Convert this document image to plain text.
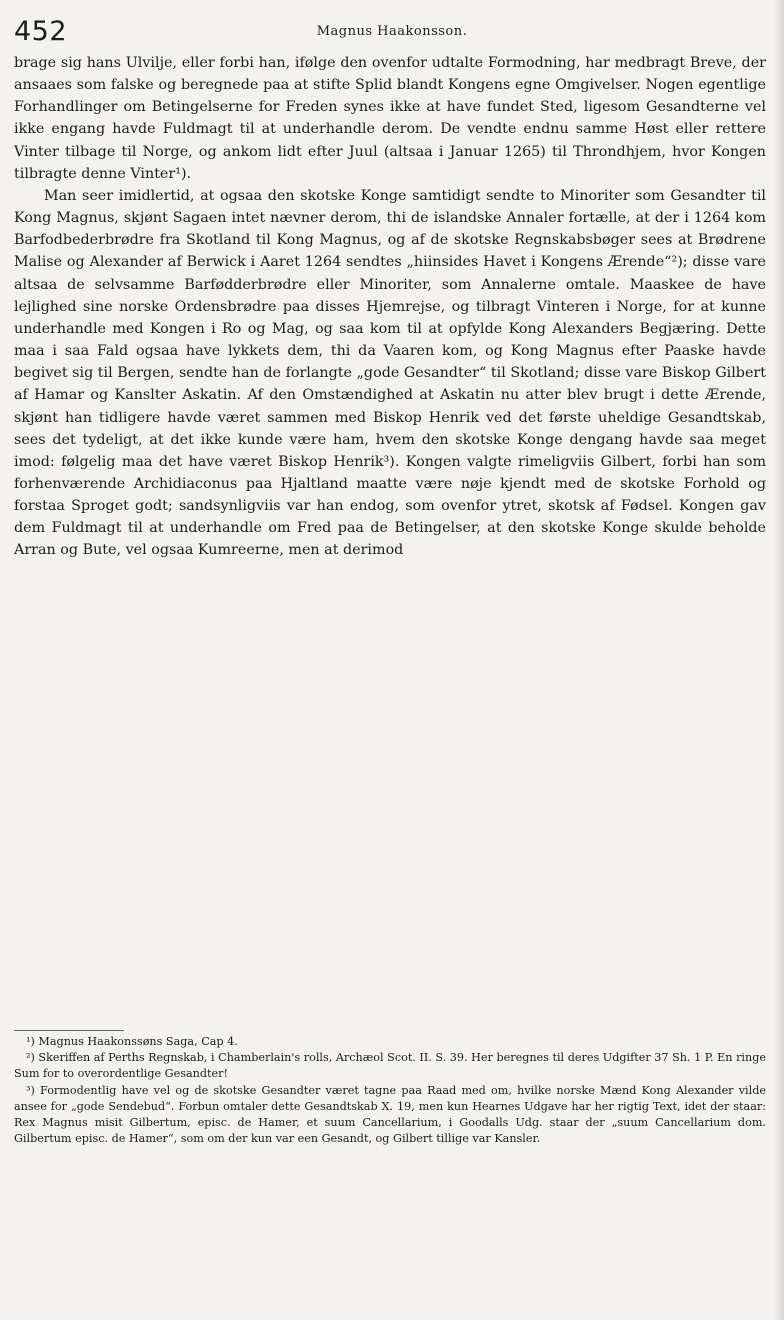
452	Magnus Haakonsson.

brage sig hans Ulvilje, eller forbi han, ifølge den ovenfor udtalte Formodning, har medbragt Breve, der ansaaes som falske og beregnede paa at stifte Splid blandt Kongens egne Omgivelser. Nogen egentlige Forhandlinger om Betingelserne for Freden synes ikke at have fundet Sted, ligesom Gesandterne vel ikke engang havde Fuldmagt til at underhandle derom. De vendte endnu samme Høst eller rettere Vinter tilbage til Norge, og ankom lidt efter Juul (altsaa i Januar 1265) til Throndhjem, hvor Kongen tilbragte denne Vinter¹).

Man seer imidlertid, at ogsaa den skotske Konge samtidigt sendte to Minoriter som Gesandter til Kong Magnus, skjønt Sagaen intet nævner derom, thi de islandske Annaler fortælle, at der i 1264 kom Barfodbederbrødre fra Skotland til Kong Magnus, og af de skotske Regnskabsbøger sees at Brødrene Malise og Alexander af Berwick i Aaret 1264 sendtes „hiinsides Havet i Kongens Ærende“²); disse vare altsaa de selvsamme Barfødderbrødre eller Minoriter, som Annalerne omtale. Maaskee de have lejlighed sine norske Ordensbrødre paa disses Hjemrejse, og tilbragt Vinteren i Norge, for at kunne underhandle med Kongen i Ro og Mag, og saa kom til at opfylde Kong Alexanders Begjæring. Dette maa i saa Fald ogsaa have lykkets dem, thi da Vaaren kom, og Kong Magnus efter Paaske havde begivet sig til Bergen, sendte han de forlangte „gode Gesandter“ til Skotland; disse vare Biskop Gilbert af Hamar og Kanslter Askatin. Af den Omstændighed at Askatin nu atter blev brugt i dette Ærende, skjønt han tidligere havde været sammen med Biskop Henrik ved det første uheldige Gesandtskab, sees det tydeligt, at det ikke kunde være ham, hvem den skotske Konge dengang havde saa meget imod: følgelig maa det have været Biskop Henrik³). Kongen valgte rimeligviis Gilbert, forbi han som forhenværende Archidiaconus paa Hjaltland maatte være nøje kjendt med de skotske Forhold og forstaa Sproget godt; sandsynligviis var han endog, som ovenfor ytret, skotsk af Fødsel. Kongen gav dem Fuldmagt til at underhandle om Fred paa de Betingelser, at den skotske Konge skulde beholde Arran og Bute, vel ogsaa Kumreerne, men at derimod

¹) Magnus Haakonssøns Saga, Cap 4.

²) Skeriffen af Perths Regnskab, i Chamberlain's rolls, Archæol Scot. II. S. 39. Her beregnes til deres Udgifter 37 Sh. 1 P. En ringe Sum for to overordentlige Gesandter!

³) Formodentlig have vel og de skotske Gesandter været tagne paa Raad med om, hvilke norske Mænd Kong Alexander vilde ansee for „gode Sendebud“. Forbun omtaler dette Gesandtskab X. 19, men kun Hearnes Udgave har her rigtig Text, idet der staar: Rex Magnus misit Gilbertum, episc. de Hamer, et suum Cancellarium, i Goodalls Udg. staar der „suum Cancellarium dom. Gilbertum episc. de Hamer“, som om der kun var een Gesandt, og Gilbert tillige var Kansler.
